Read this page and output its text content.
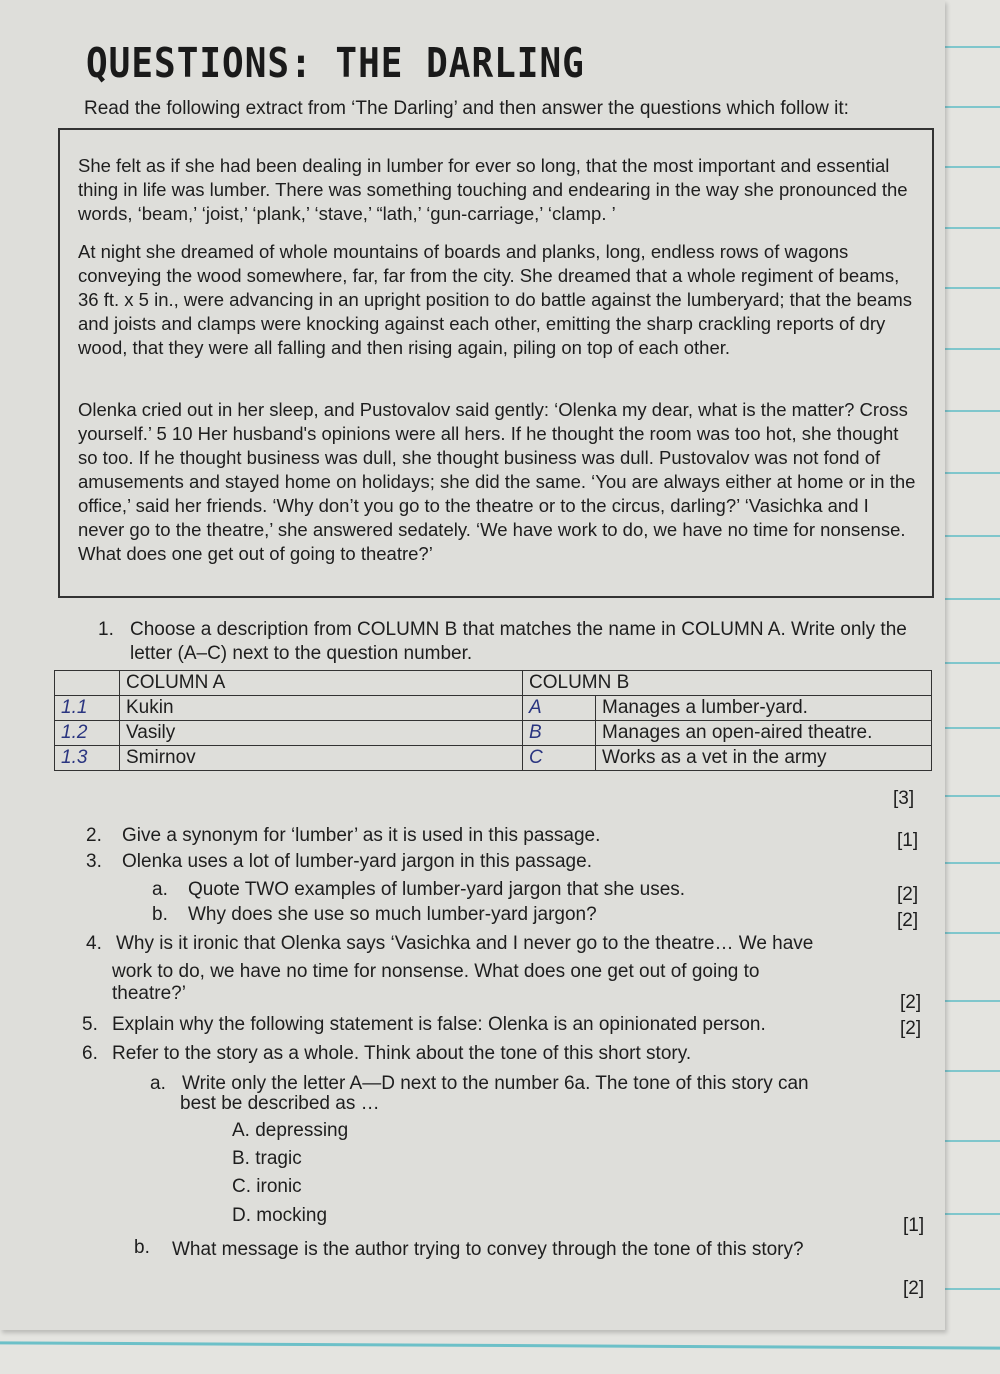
QUESTIONS: THE DARLING
Read the following extract from ‘The Darling’ and then answer the questions which follow it:
She felt as if she had been dealing in lumber for ever so long, that the most important and essential thing in life was lumber. There was something touching and endearing in the way she pronounced the words, ‘beam,’ ‘joist,’ ‘plank,’ ‘stave,’ “lath,’ ‘gun-carriage,’ ‘clamp. ’
At night she dreamed of whole mountains of boards and planks, long, endless rows of wagons conveying the wood somewhere, far, far from the city. She dreamed that a whole regiment of beams, 36 ft. x 5 in., were advancing in an upright position to do battle against the lumberyard; that the beams and joists and clamps were knocking against each other, emitting the sharp crackling reports of dry wood, that they were all falling and then rising again, piling on top of each other.
Olenka cried out in her sleep, and Pustovalov said gently: ‘Olenka my dear, what is the matter? Cross yourself.’ 5 10 Her husband's opinions were all hers. If he thought the room was too hot, she thought so too. If he thought business was dull, she thought business was dull. Pustovalov was not fond of amusements and stayed home on holidays; she did the same. ‘You are always either at home or in the office,’ said her friends. ‘Why don’t you go to the theatre or to the circus, darling?’ ‘Vasichka and I never go to the theatre,’ she answered sedately. ‘We have work to do, we have no time for nonsense. What does one get out of going to theatre?’
1. Choose a description from COLUMN B that matches the name in COLUMN A. Write only the letter (A–C) next to the question number.
	COLUMN A	COLUMN B	
1.1	Kukin	A	Manages a lumber-yard.
1.2	Vasily	B	Manages an open-aired theatre.
1.3	Smirnov	C	Works as a vet in the army
[3]
2. Give a synonym for ‘lumber’ as it is used in this passage.	[1]
3. Olenka uses a lot of lumber-yard jargon in this passage.
a. Quote TWO examples of lumber-yard jargon that she uses.	[2]
b. Why does she use so much lumber-yard jargon?	[2]
4. Why is it ironic that Olenka says ‘Vasichka and I never go to the theatre… We have
work to do, we have no time for nonsense. What does one get out of going to
theatre?’	[2]
5. Explain why the following statement is false: Olenka is an opinionated person.	[2]
6. Refer to the story as a whole. Think about the tone of this short story.
a. Write only the letter A—D next to the number 6a. The tone of this story can
best be described as …
A. depressing
B. tragic
C. ironic
D. mocking	[1]
b. What message is the author trying to convey through the tone of this story?
[2]
